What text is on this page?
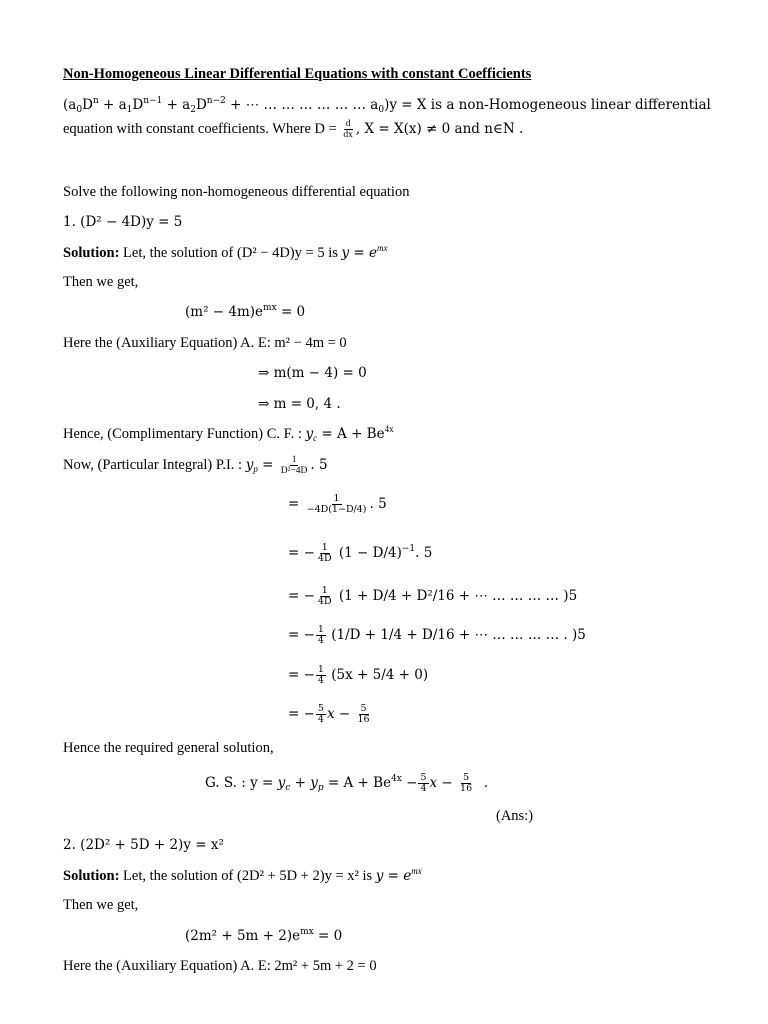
Non-Homogeneous Linear Differential Equations with constant Coefficients
($a_0D^n + a_1D^{n-1} + a_2D^{n-2}$ + ⋯ … … … … … … $a_0)y = X$ is a non-Homogeneous linear differential
equation with constant coefficients. Where $D = \frac{d}{dx}$ , X = X(x) ≠ 0 and n∈N .
Solve the following non-homogeneous differential equation
1. (D² − 4D)y = 5
Solution: Let, the solution of (D² − 4D)y = 5 is $y = e^{mx}$
Then we get,
$(m^2 - 4m)e^{mx} = 0$
Here the (Auxiliary Equation) A. E: m² − 4m = 0
⇒ m(m − 4) = 0
⇒ m = 0, 4 .
Hence, (Complimentary Function) C. F. : $y_c = A + Be^{4x}$
Now, (Particular Integral) P.I. : $y_p = \frac{1}{\text{D²−4D}}$ . 5
= $\frac{1}{-4D(1-D/4)}$ . 5
= − $\frac{1}{4D} (1 - D/4)^{-1}$. 5
= − $\frac{1}{4D} (1 + D/4 + D^2/16$ + ⋯ … … … … )5
= − $\frac{1}{4} (1/D + 1/4 + D/16$ + ⋯ … … … … . )5
= − $\frac{1}{4} (5x + 5/4 + 0)$
= − $\frac{5}{4}$ $x - \frac{5}{16}$
Hence the required general solution,
G. S. : $y = y_c + y_p = A + Be^{4x} - \frac{5}{4}$ $x - \frac{5}{16}$ .
(Ans:)
2. (2D² + 5D + 2)y = x²
Solution: Let, the solution of (2D² + 5D + 2)y = x² is $y = e^{mx}$
Then we get,
$(2m^2 + 5m + 2)e^{mx} = 0$
Here the (Auxiliary Equation) A. E: 2m² + 5m + 2 = 0
